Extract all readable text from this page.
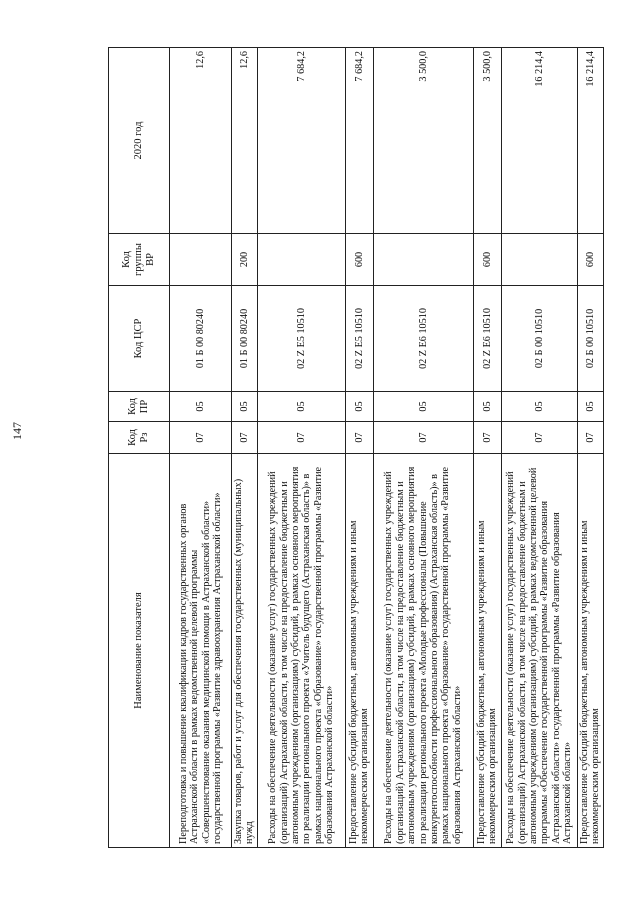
147
Наименование показателя	Код Рз	Код ПР	Код ЦСР	Код группы ВР	2020 год
Переподготовка и повышение квалификации кадров государственных органов Астраханской области в рамках ведомственной целевой программы «Совершенствование оказания медицинской помощи в Астраханской области» государственной программы «Развитие здравоохранения Астраханской области»	07	05	01 Б 00 80240		12,6
Закупка товаров, работ и услуг для обеспечения государственных (муниципальных) нужд	07	05	01 Б 00 80240	200	12,6
Расходы на обеспечение деятельности (оказание услуг) государственных учреждений (организаций) Астраханской области, в том числе на предоставление бюджетным и автономным учреждениям (организациям) субсидий, в рамках основного мероприятия по реализации регионального проекта «Учитель будущего (Астраханская область)» в рамках национального проекта «Образование» государственной программы «Развитие образования Астраханской области»	07	05	02 Z E5 10510		7 684,2
Предоставление субсидий бюджетным, автономным учреждениям и иным некоммерческим организациям	07	05	02 Z E5 10510	600	7 684,2
Расходы на обеспечение деятельности (оказание услуг) государственных учреждений (организаций) Астраханской области, в том числе на предоставление бюджетным и автономным учреждениям (организациям) субсидий, в рамках основного мероприятия по реализации регионального проекта «Молодые профессионалы (Повышение конкурентоспособности профессионального образования) (Астраханская область)» в рамках национального проекта «Образование» государственной программы «Развитие образования Астраханской области»	07	05	02 Z E6 10510		3 500,0
Предоставление субсидий бюджетным, автономным учреждениям и иным некоммерческим организациям	07	05	02 Z E6 10510	600	3 500,0
Расходы на обеспечение деятельности (оказание услуг) государственных учреждений (организаций) Астраханской области, в том числе на предоставление бюджетным и автономным учреждениям (организациям) субсидий, в рамках ведомственной целевой программы «Обеспечение государственной программы «Развитие образования Астраханской области» государственной программы «Развитие образования Астраханской области»	07	05	02 Б 00 10510		16 214,4
Предоставление субсидий бюджетным, автономным учреждениям и иным некоммерческим организациям	07	05	02 Б 00 10510	600	16 214,4
